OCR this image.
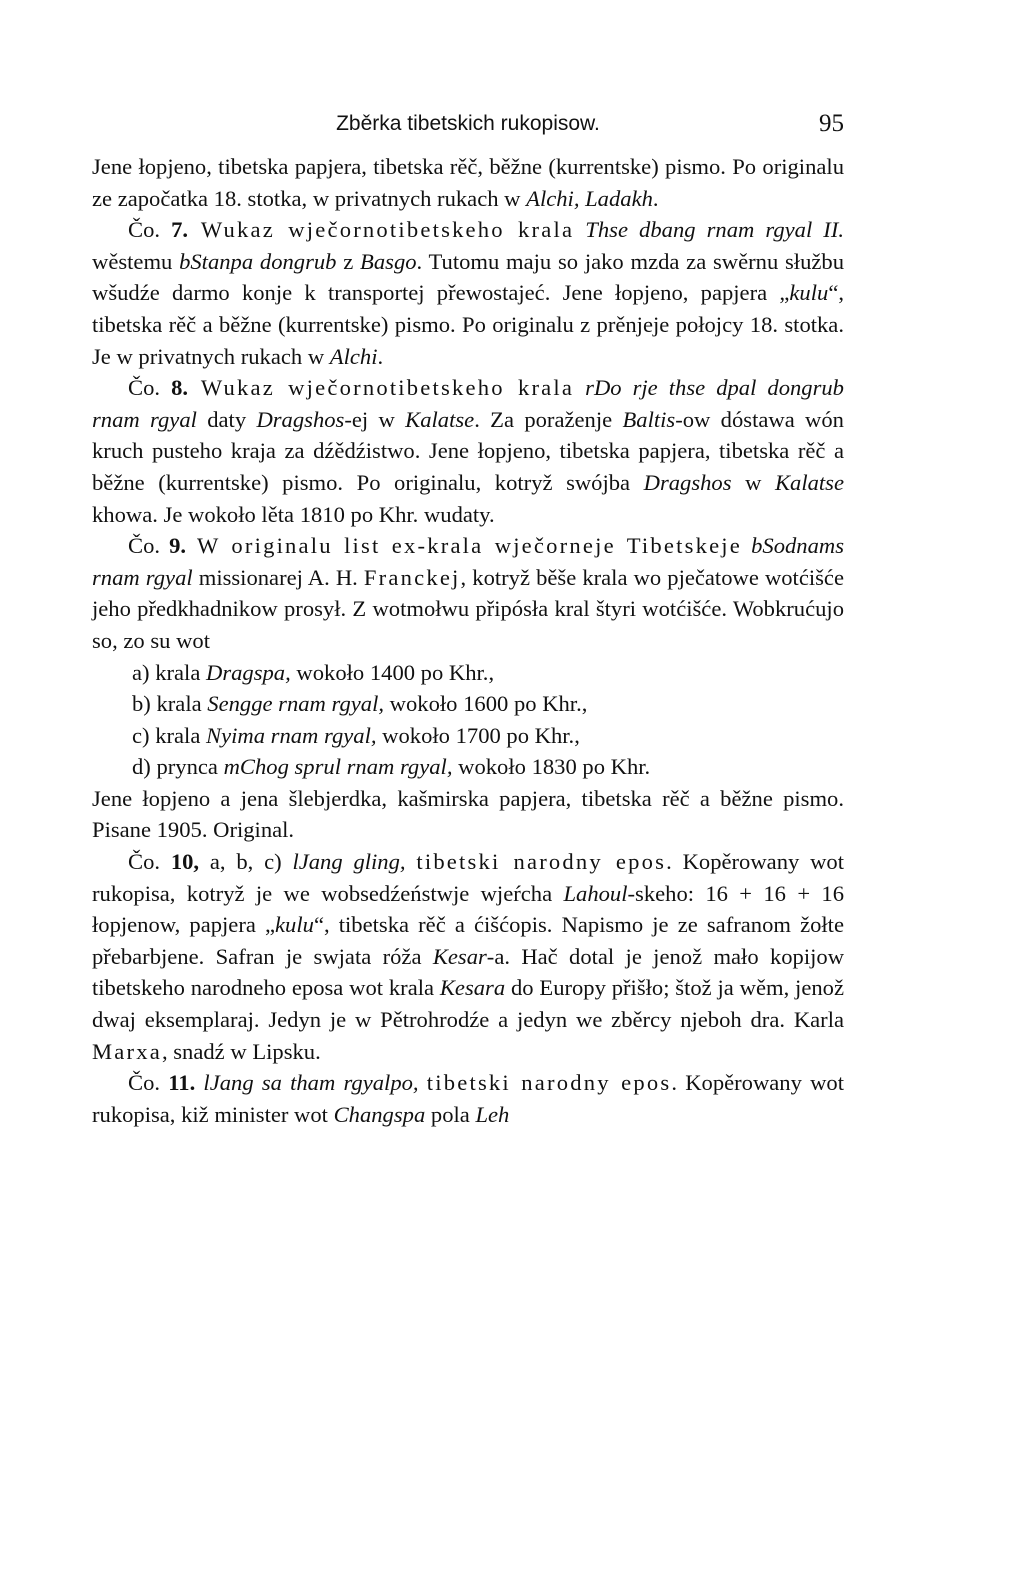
Zběrka tibetskich rukopisow.	95

Jene łopjeno, tibetska papjera, tibetska rěč, běžne (kurrentske) pismo. Po originalu ze započatka 18. stotka, w privatnych rukach w Alchi, Ladakh.

Čo. 7. Wukaz wječornotibetskeho krala Thse dbang rnam rgyal II. wěstemu bStanpa dongrub z Basgo. Tutomu maju so jako mzda za swěrnu słužbu wšudźe darmo konje k transportej přewostajeć. Jene łopjeno, papjera „kulu“, tibetska rěč a běžne (kurrentske) pismo. Po originalu z prěnjeje połojcy 18. stotka. Je w privatnych rukach w Alchi.

Čo. 8. Wukaz wječornotibetskeho krala rDo rje thse dpal dongrub rnam rgyal daty Dragshos-ej w Kalatse. Za poraženje Baltis-ow dóstawa wón kruch pusteho kraja za dźědźistwo. Jene łopjeno, tibetska papjera, tibetska rěč a běžne (kurrentske) pismo. Po originalu, kotryž swójba Dragshos w Kalatse khowa. Je wokoło lěta 1810 po Khr. wudaty.

Čo. 9. W originalu list ex-krala wječorneje Tibetskeje bSodnams rnam rgyal missionarej A. H. Franckej, kotryž běše krala wo pječatowe wotćišće jeho předkhadnikow prosył. Z wotmołwu připósła kral štyri wotćišće. Wobkrućujo so, zo su wot

a) krala Dragspa, wokoło 1400 po Khr.,
b) krala Sengge rnam rgyal, wokoło 1600 po Khr.,
c) krala Nyima rnam rgyal, wokoło 1700 po Khr.,
d) prynca mChog sprul rnam rgyal, wokoło 1830 po Khr.

Jene łopjeno a jena šlebjerdka, kašmirska papjera, tibetska rěč a běžne pismo. Pisane 1905. Original.

Čo. 10, a, b, c) lJang gling, tibetski narodny epos. Kopěrowany wot rukopisa, kotryž je we wobsedźeństwje wjeŕcha Lahoul-skeho: 16 + 16 + 16 łopjenow, papjera „kulu“, tibetska rěč a ćišćopis. Napismo je ze safranom žołte přebarbjene. Safran je swjata róža Kesar-a. Hač dotal je jenož mało kopijow tibetskeho narodneho eposa wot krala Kesara do Europy přišło; štož ja wěm, jenož dwaj eksemplaraj. Jedyn je w Pětrohrodźe a jedyn we zběrcy njeboh dra. Karla Marxa, snadź w Lipsku.

Čo. 11. lJang sa tham rgyalpo, tibetski narodny epos. Kopěrowany wot rukopisa, kiž minister wot Changspa pola Leh
